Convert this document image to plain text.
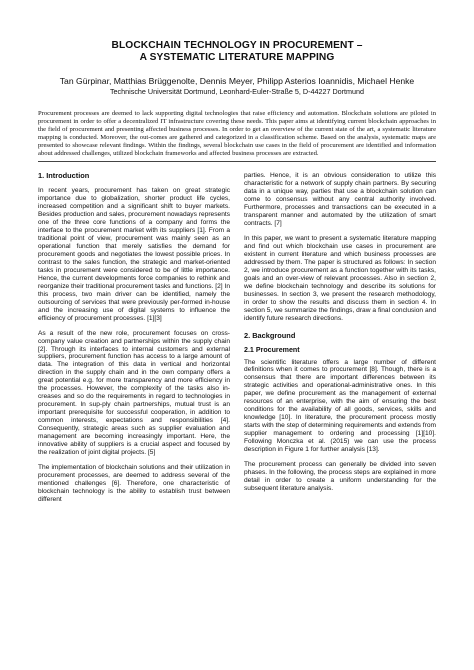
BLOCKCHAIN TECHNOLOGY IN PROCUREMENT –

A SYSTEMATIC LITERATURE MAPPING

Tan Gürpinar, Matthias Brüggenolte, Dennis Meyer, Philipp Asterios Ioannidis, Michael Henke
Technische Universität Dortmund, Leonhard-Euler-Straße 5, D-44227 Dortmund
Procurement processes are deemed to lack supporting digital technologies that raise efficiency and automation. Blockchain solutions are piloted in procurement in order to offer a decentralized IT infrastructure covering these needs. This paper aims at identifying current blockchain approaches in the field of procurement and presenting affected business processes. In order to get an overview of the current state of the art, a systematic literature mapping is conducted. Moreover, the out-comes are gathered and categorized in a classification scheme. Based on the analysis, systematic maps are presented to showcase relevant findings. Within the findings, several blockchain use cases in the field of procurement are identified and information about addressed challenges, utilized blockchain frameworks and affected business processes are extracted.
1. Introduction

In recent years, procurement has taken on great strategic importance due to globalization, shorter product life cycles, increased competition and a significant shift to buyer markets. Besides production and sales, procurement nowadays represents one of the three core functions of a company and forms the interface to the procurement market with its suppliers [1]. From a traditional point of view, procurement was mainly seen as an operational function that merely satisfies the demand for procurement goods and negotiates the lowest possible prices. In contrast to the sales function, the strategic and market-oriented tasks in procurement were considered to be of little importance. Hence, the current developments force companies to rethink and reorganize their traditional procurement tasks and functions. [2] In this process, two main driver can be identified, namely the outsourcing of services that were previously per-formed in-house and the increasing use of digital systems to influence the efficiency of procurement processes. [1][3]

As a result of the new role, procurement focuses on cross-company value creation and partnerships within the supply chain [2]. Through its interfaces to internal customers and external suppliers, procurement function has access to a large amount of data. The integration of this data in vertical and horizontal direction in the supply chain and in the own company offers a great potential e.g. for more transparency and more efficiency in the processes. However, the complexity of the tasks also in-creases and so do the requirements in regard to technologies in procurement. In sup-ply chain partnerships, mutual trust is an important prerequisite for successful cooperation, in addition to common interests, expectations and responsibilities [4]. Consequently, strategic areas such as supplier evaluation and management are becoming increasingly important. Here, the innovative ability of suppliers is a crucial aspect and focused by the realization of joint digital projects. [5]

The implementation of blockchain solutions and their utilization in procurement processes, are deemed to address several of the mentioned challenges [6]. Therefore, one characteristic of blockchain technology is the ability to establish trust between different

parties. Hence, it is an obvious consideration to utilize this characteristic for a network of supply chain partners. By securing data in a unique way, parties that use a blockchain solution can come to consensus without any central authority involved. Furthermore, processes and transactions can be executed in a transparent manner and automated by the utilization of smart contracts. [7]

In this paper, we want to present a systematic literature mapping and find out which blockchain use cases in procurement are existent in current literature and which business processes are addressed by them. The paper is structured as follows: In section 2, we introduce procurement as a function together with its tasks, goals and an over-view of relevant processes. Also in section 2, we define blockchain technology and describe its solutions for businesses. In section 3, we present the research methodology, in order to show the results and discuss them in section 4. In section 5, we summarize the findings, draw a final conclusion and identify future research directions.

2. Background
2.1 Procurement

The scientific literature offers a large number of different definitions when it comes to procurement [8]. Though, there is a consensus that there are important differences between its strategic activities and operational-administrative ones. In this paper, we define procurement as the management of external resources of an enterprise, with the aim of ensuring the best conditions for the availability of all goods, services, skills and knowledge [10]. In literature, the procurement process mostly starts with the step of determining requirements and extends from supplier management to ordering and processing [1][10]. Following Monczka et al. (2015) we can use the process description in Figure 1 for further analysis [13].

The procurement process can generally be divided into seven phases. In the following, the process steps are explained in more detail in order to create a uniform understanding for the subsequent literature analysis.
